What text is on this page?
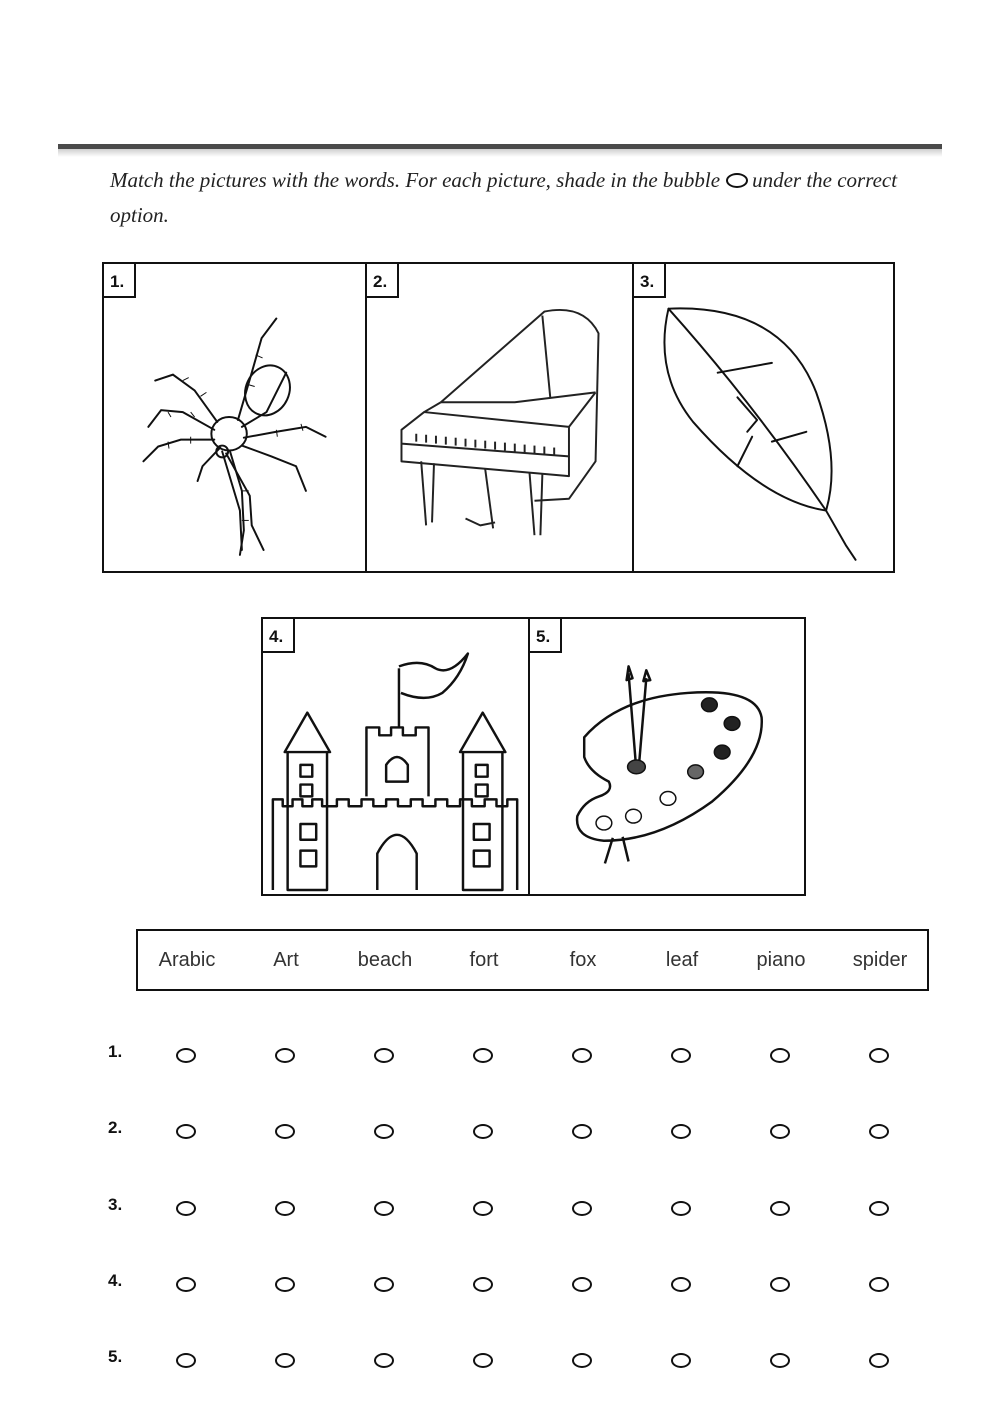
Match the pictures with the words. For each picture, shade in the bubble under the correct option.
1.	2.	3.
4.	5.
Arabic	Art	beach	fort	fox	leaf	piano spider
1.
2.
3.
4.
5.
